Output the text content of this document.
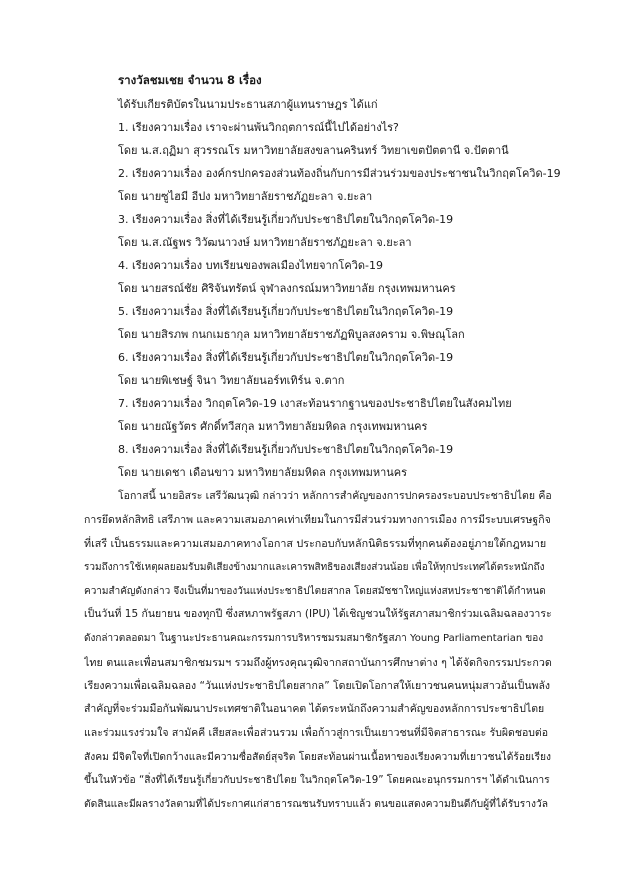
รางวัลชมเชย จำนวน 8 เรื่อง
ได้รับเกียรติบัตรในนามประธานสภาผู้แทนราษฎร ได้แก่
1. เรียงความเรื่อง เราจะผ่านพ้นวิกฤตการณ์นี้ไปได้อย่างไร?
โดย น.ส.ฤฏิมา สุวรรณโร มหาวิทยาลัยสงขลานครินทร์ วิทยาเขตปัตตานี จ.ปัตตานี
2. เรียงความเรื่อง องค์กรปกครองส่วนท้องถิ่นกับการมีส่วนร่วมของประชาชนในวิกฤตโควิด-19
โดย นายซูไฮมี อีปง มหาวิทยาลัยราชภัฏยะลา จ.ยะลา
3. เรียงความเรื่อง สิ่งที่ได้เรียนรู้เกี่ยวกับประชาธิปไตยในวิกฤตโควิด-19
โดย น.ส.ณัฐพร วิวัฒนาวงษ์ มหาวิทยาลัยราชภัฏยะลา จ.ยะลา
4. เรียงความเรื่อง บทเรียนของพลเมืองไทยจากโควิด-19
โดย นายสรณ์ชัย ศิริจันทรัตน์ จุฬาลงกรณ์มหาวิทยาลัย กรุงเทพมหานคร
5. เรียงความเรื่อง สิ่งที่ได้เรียนรู้เกี่ยวกับประชาธิปไตยในวิกฤตโควิด-19
โดย นายสิรภพ กนกเมธากุล มหาวิทยาลัยราชภัฏพิบูลสงคราม จ.พิษณุโลก
6. เรียงความเรื่อง สิ่งที่ได้เรียนรู้เกี่ยวกับประชาธิปไตยในวิกฤตโควิด-19
โดย นายพิเชษฐ์ จินา วิทยาลัยนอร์ทเทิร์น จ.ตาก
7. เรียงความเรื่อง วิกฤตโควิด-19 เงาสะท้อนรากฐานของประชาธิปไตยในสังคมไทย
โดย นายณัฐวัตร ศักดิ์ทวีสกุล มหาวิทยาลัยมหิดล กรุงเทพมหานคร
8. เรียงความเรื่อง สิ่งที่ได้เรียนรู้เกี่ยวกับประชาธิปไตยในวิกฤตโควิด-19
โดย นายเดชา เดือนขาว มหาวิทยาลัยมหิดล กรุงเทพมหานคร
โอกาสนี้ นายอิสระ เสรีวัฒนวุฒิ กล่าวว่า หลักการสำคัญของการปกครองระบอบประชาธิปไตย คือ
การยึดหลักสิทธิ เสรีภาพ และความเสมอภาคเท่าเทียมในการมีส่วนร่วมทางการเมือง การมีระบบเศรษฐกิจ
ที่เสรี เป็นธรรมและความเสมอภาคทางโอกาส ประกอบกับหลักนิติธรรมที่ทุกคนต้องอยู่ภายใต้กฎหมาย
รวมถึงการใช้เหตุผลยอมรับมติเสียงข้างมากและเคารพสิทธิของเสียงส่วนน้อย เพื่อให้ทุกประเทศได้ตระหนักถึง
ความสำคัญดังกล่าว จึงเป็นที่มาของวันแห่งประชาธิปไตยสากล โดยสมัชชาใหญ่แห่งสหประชาชาติได้กำหนด
เป็นวันที่ 15 กันยายน ของทุกปี ซึ่งสหภาพรัฐสภา (IPU) ได้เชิญชวนให้รัฐสภาสมาชิกร่วมเฉลิมฉลองวาระ
ดังกล่าวตลอดมา ในฐานะประธานคณะกรรมการบริหารชมรมสมาชิกรัฐสภา Young Parliamentarian ของ
ไทย ตนและเพื่อนสมาชิกชมรมฯ รวมถึงผู้ทรงคุณวุฒิจากสถาบันการศึกษาต่าง ๆ ได้จัดกิจกรรมประกวด
เรียงความเพื่อเฉลิมฉลอง “วันแห่งประชาธิปไตยสากล” โดยเปิดโอกาสให้เยาวชนคนหนุ่มสาวอันเป็นพลัง
สำคัญที่จะร่วมมือกันพัฒนาประเทศชาติในอนาคต ได้ตระหนักถึงความสำคัญของหลักการประชาธิปไตย
และร่วมแรงร่วมใจ สามัคคี เสียสละเพื่อส่วนรวม เพื่อก้าวสู่การเป็นเยาวชนที่มีจิตสาธารณะ รับผิดชอบต่อ
สังคม มีจิตใจที่เปิดกว้างและมีความซื่อสัตย์สุจริต โดยสะท้อนผ่านเนื้อหาของเรียงความที่เยาวชนได้ร้อยเรียง
ขึ้นในหัวข้อ “สิ่งที่ได้เรียนรู้เกี่ยวกับประชาธิปไตย ในวิกฤตโควิด-19” โดยคณะอนุกรรมการฯ ได้ดำเนินการ
ตัดสินและมีผลรางวัลตามที่ได้ประกาศแก่สาธารณชนรับทราบแล้ว ตนขอแสดงความยินดีกับผู้ที่ได้รับรางวัล
